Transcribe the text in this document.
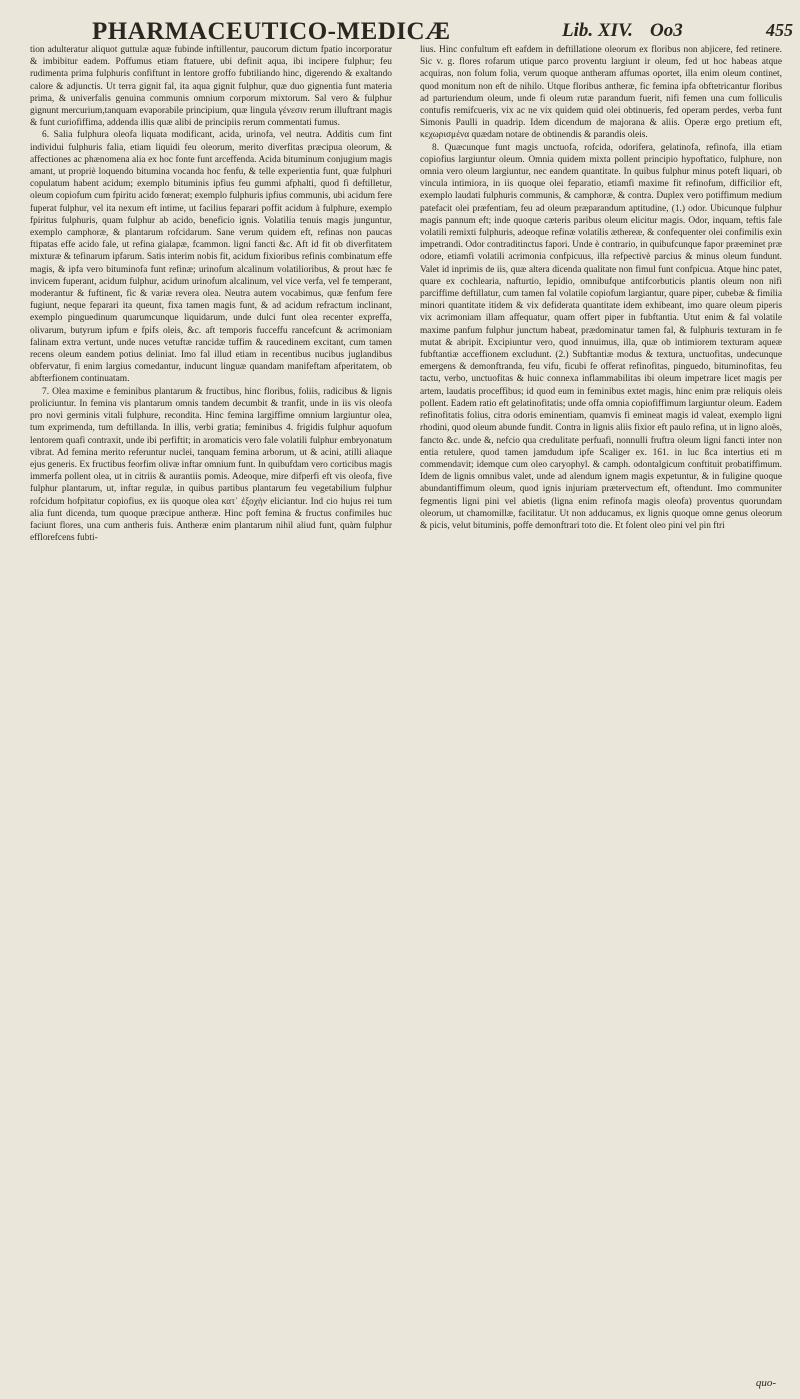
PHARMACEUTICO-MEDICÆ	Lib. XIV. Oo3	455

tion adulteratur aliquot guttulæ aquæ fubinde inftillentur, paucorum dictum fpatio incorporatur & imbibitur eadem. Poffumus etiam ftatuere, ubi definit aqua, ibi incipere fulphur; feu rudimenta prima fulphuris confiftunt in lentore groffo fubtiliando hinc, digerendo & exaltando calore & adjunctis. Ut terra gignit fal, ita aqua gignit fulphur, quæ duo gignentia funt materia prima, & univerfalis genuina communis omnium corporum mixtorum. Sal vero & fulphur gignunt mercurium,tanquam evaporabile principium, quæ lingula γένεσιν rerum illuftrant magis & funt curiofiffima, addenda illis quæ alibi de principiis rerum commentati fumus.

6. Salia fulphura oleofa liquata modificant, acida, urinofa, vel neutra. Additis cum fint individui fulphuris falia, etiam liquidi feu oleorum, merito diverfitas præcipua oleorum, & affectiones ac phænomena alia ex hoc fonte funt arceffenda. Acida bituminum conjugium magis amant, ut propriè loquendo bitumina vocanda hoc fenfu, & telle experientia funt, quæ fulphuri copulatum habent acidum; exemplo bituminis ipfius feu gummi afphalti, quod fi deftilletur, oleum copiofum cum fpiritu acido fœnerat; exemplo fulphuris ipfius communis, ubi acidum fere fuperat fulphur, vel ita nexum eft intime, ut facilius feparari poffit acidum à fulphure, exemplo fpiritus fulphuris, quam fulphur ab acido, beneficio ignis. Volatilia tenuis magis junguntur, exemplo camphoræ, & plantarum rofcidarum. Sane verum quidem eft, refinas non paucas ftipatas effe acido fale, ut refina gialapæ, fcammon. ligni fancti &c. Aft id fit ob diverfitatem mixturæ & tefinarum ipfarum. Satis interim nobis fit, acidum fixioribus refinis combinatum effe magis, & ipfa vero bituminofa funt refinæ; urinofum alcalinum volatilioribus, & prout hæc fe invicem fuperant, acidum fulphur, acidum urinofum alcalinum, vel vice verfa, vel fe temperant, moderantur & fuftinent, fic & variæ revera olea. Neutra autem vocabimus, quæ fenfum fere fugiunt, neque feparari ita queunt, fixa tamen magis funt, & ad acidum refractum inclinant, exemplo pinguedinum quarumcunque liquidarum, unde dulci funt olea recenter expreffa, olivarum, butyrum ipfum e fpifs oleis, &c. aft temporis fucceffu rancefcunt & acrimoniam falinam extra vertunt, unde nuces vetuftæ rancidæ tuffim & raucedinem excitant, cum tamen recens oleum eandem potius deliniat. Imo fal illud etiam in recentibus nucibus juglandibus obfervatur, fi enim largius comedantur, inducunt linguæ quandam manifeftam afperitatem, ob abfterfionem continuatam.

7. Olea maxime e feminibus plantarum & fructibus, hinc floribus, foliis, radicibus & lignis proliciuntur. In femina vis plantarum omnis tandem decumbit & tranfit, unde in iis vis oleofa pro novi germinis vitali fulphure, recondita. Hinc femina largiffime omnium largiuntur olea, tum exprimenda, tum deftillanda. In illis, verbi gratia; feminibus 4. frigidis fulphur aquofum lentorem quafi contraxit, unde ibi perfiftit; in aromaticis vero fale volatili fulphur embryonatum vibrat. Ad femina merito referuntur nuclei, tanquam femina arborum, ut & acini, atilli aliaque ejus generis. Ex fructibus feorfim olivæ inftar omnium funt. In quibufdam vero corticibus magis immerfa pollent olea, ut in citriis & aurantiis pomis. Adeoque, mire difperfi eft vis oleofa, five fulphur plantarum, ut, inftar regulæ, in quibus partibus plantarum feu vegetabilium fulphur rofcidum hofpitatur copiofius, ex iis quoque olea κατ᾽ ἐξοχὴν eliciantur. Ind cio hujus rei tum alia funt dicenda, tum quoque præcipue antheræ. Hinc poft femina & fructus confimiles huc faciunt flores, una cum antheris fuis. Antheræ enim plantarum nihil aliud funt, quàm fulphur efflorefcens fubti-

lius. Hinc confultum eft eafdem in deftillatione oleorum ex floribus non abjicere, fed retinere. Sic v. g. flores rofarum utique parco proventu largiunt ir oleum, fed ut hoc habeas atque acquiras, non folum folia, verum quoque antheram affumas oportet, illa enim oleum continet, quod monitum non eft de nihilo. Utque floribus antheræ, fic femina ipfa obftetricantur floribus ad parturiendum oleum, unde fi oleum rutæ parandum fuerit, nifi femen una cum folliculis contufis remifcueris, vix ac ne vix quidem quid olei obtinueris, fed operam perdes, verba funt Simonis Paulli in quadrip. Idem dicendum de majorana & aliis. Operæ ergo pretium eft, κεχωρισμένα quædam notare de obtinendis & parandis oleis.

8. Quæcunque funt magis unctuofa, rofcida, odorifera, gelatinofa, refinofa, illa etiam copiofius largiuntur oleum. Omnia quidem mixta pollent principio hypoftatico, fulphure, non omnia vero oleum largiuntur, nec eandem quantitate. In quibus fulphur minus poteft liquari, ob vincula intimiora, in iis quoque olei feparatio, etiamfi maxime fit refinofum, difficilior eft, exemplo laudati fulphuris communis, & camphoræ, & contra. Duplex vero potiffimum medium patefacit olei præfentiam, feu ad oleum præparandum aptitudine, (1.) odor. Ubicunque fulphur magis pannum eft; inde quoque cæteris paribus oleum elicitur magis. Odor, inquam, teftis fale volatili remixti fulphuris, adeoque refinæ volatilis æthereæ, & confequenter olei confimilis exin impetrandi. Odor contraditinctus fapori. Unde è contrario, in quibufcunque fapor præeminet præ odore, etiamfi volatili acrimonia confpicuus, illa refpectivè parcius & minus oleum fundunt. Valet id inprimis de iis, quæ altera dicenda qualitate non fimul funt confpicua. Atque hinc patet, quare ex cochlearia, nafturtio, lepidio, omnibufque antifcorbuticis plantis oleum non nifi parciffime deftillatur, cum tamen fal volatile copiofum largiantur, quare piper, cubebæ & fimilia minori quantitate itidem & vix defiderata quantitate idem exhibeant, imo quare oleum piperis vix acrimoniam illam affequatur, quam offert piper in fubftantia. Utut enim & fal volatile maxime panfum fulphur junctum habeat, prædominatur tamen fal, & fulphuris texturam in fe mutat & abripit. Excipiuntur vero, quod innuimus, illa, quæ ob intimiorem texturam aqueæ fubftantiæ acceffionem excludunt. (2.) Subftantiæ modus & textura, unctuofitas, undecunque emergens & demonftranda, feu vifu, ficubi fe offerat refinofitas, pinguedo, bituminofitas, feu tactu, verbo, unctuofitas & huic connexa inflammabilitas ibi oleum impetrare licet magis per artem, laudatis proceffibus; id quod eum in feminibus extet magis, hinc enim præ reliquis oleis pollent. Eadem ratio eft gelatinofitatis; unde offa omnia copiofiffimum largiuntur oleum. Eadem refinofitatis folius, citra odoris eminentiam, quamvis fi emineat magis id valeat, exemplo ligni rhodini, quod oleum abunde fundit. Contra in lignis aliis fixior eft paulo refina, ut in ligno aloës, fancto &c. unde &, nefcio qua credulitate perfuafi, nonnulli fruftra oleum ligni fancti inter non entia retulere, quod tamen jamdudum ipfe Scaliger ex. 161. in luc ßca intertius eti m commendavit; idemque cum oleo caryophyl. & camph. odontalgicum conftituit probatiffimum. Idem de lignis omnibus valet, unde ad alendum ignem magis expetuntur, & in fuligine quoque abundantiffimum oleum, quod ignis injuriam prætervectum eft, oftendunt. Imo communiter fegmentis ligni pini vel abietis (ligna enim refinofa magis oleofa) proventus quorundam oleorum, ut chamomillæ, facilitatur. Ut non adducamus, ex lignis quoque omne genus oleorum & picis, velut bituminis, poffe demonftrari toto die. Et folent oleo pini vel pin ftri

quo-
